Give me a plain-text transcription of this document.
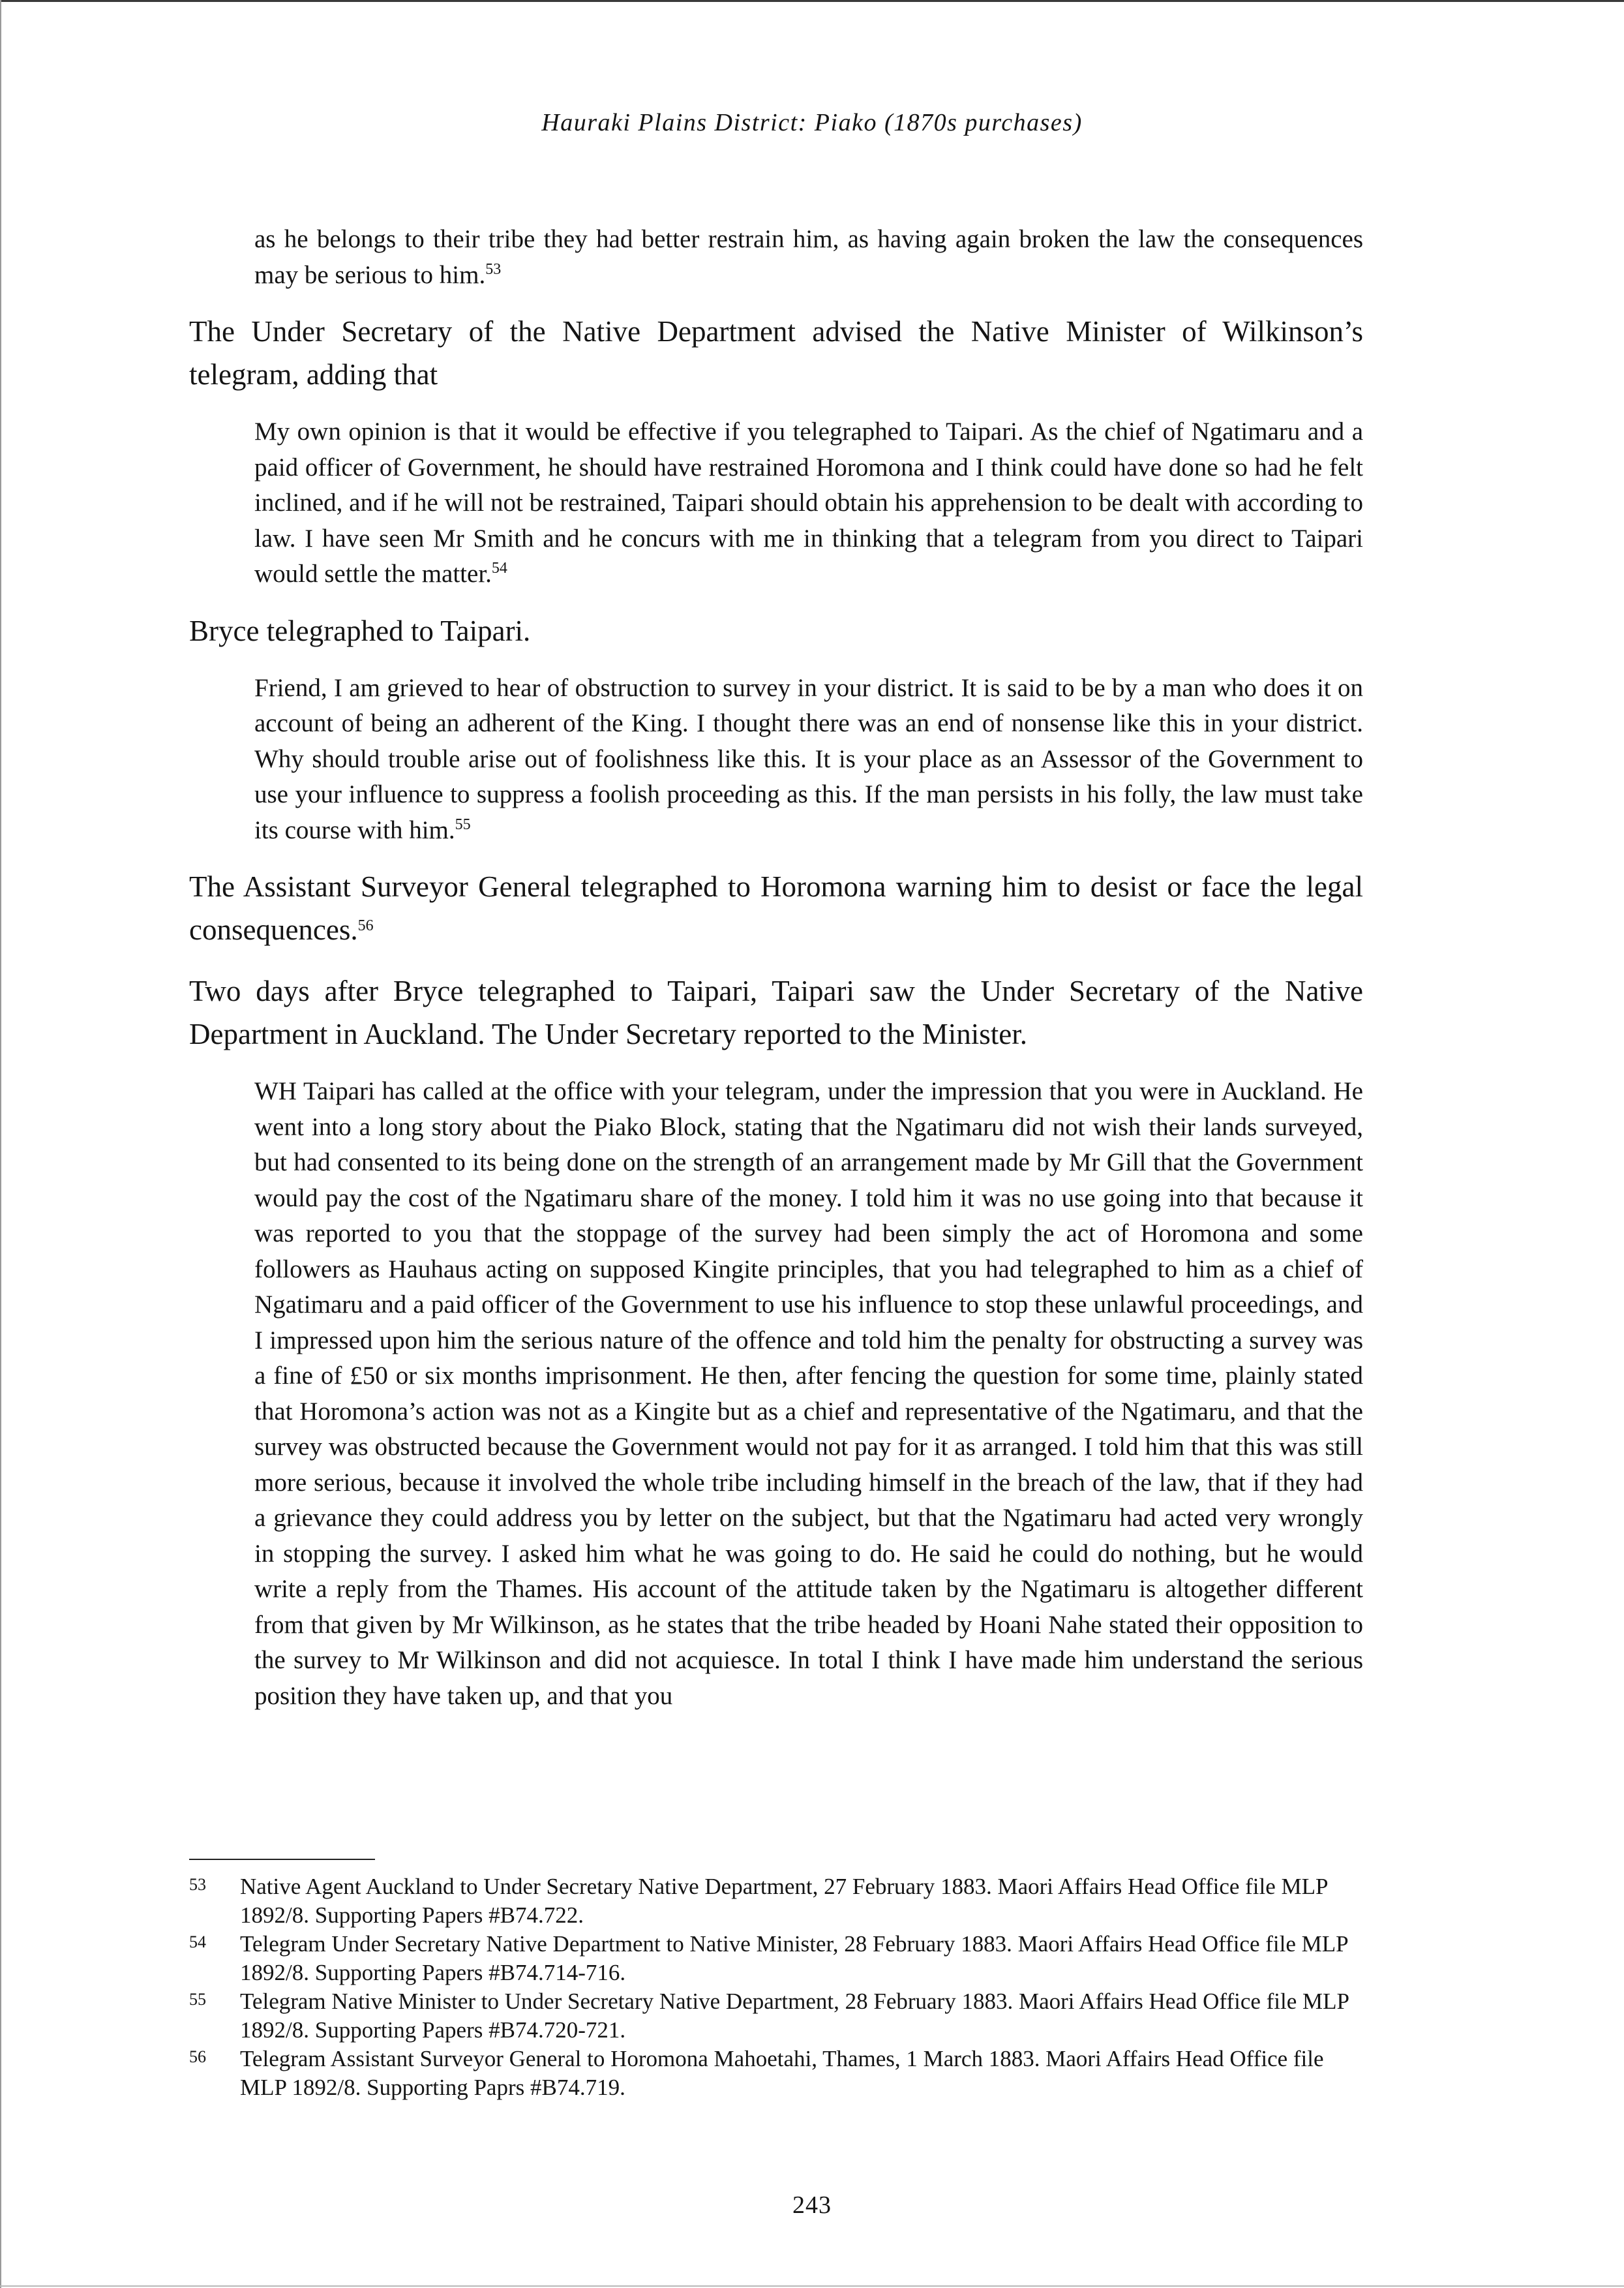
Hauraki Plains District: Piako (1870s purchases)

as he belongs to their tribe they had better restrain him, as having again broken the law the consequences may be serious to him.$^{53}$

The Under Secretary of the Native Department advised the Native Minister of Wilkinson’s telegram, adding that

My own opinion is that it would be effective if you telegraphed to Taipari. As the chief of Ngatimaru and a paid officer of Government, he should have restrained Horomona and I think could have done so had he felt inclined, and if he will not be restrained, Taipari should obtain his apprehension to be dealt with according to law. I have seen Mr Smith and he concurs with me in thinking that a telegram from you direct to Taipari would settle the matter.$^{54}$

Bryce telegraphed to Taipari.

Friend, I am grieved to hear of obstruction to survey in your district. It is said to be by a man who does it on account of being an adherent of the King. I thought there was an end of nonsense like this in your district. Why should trouble arise out of foolishness like this. It is your place as an Assessor of the Government to use your influence to suppress a foolish proceeding as this. If the man persists in his folly, the law must take its course with him.$^{55}$

The Assistant Surveyor General telegraphed to Horomona warning him to desist or face the legal consequences.$^{56}$

Two days after Bryce telegraphed to Taipari, Taipari saw the Under Secretary of the Native Department in Auckland. The Under Secretary reported to the Minister.

WH Taipari has called at the office with your telegram, under the impression that you were in Auckland. He went into a long story about the Piako Block, stating that the Ngatimaru did not wish their lands surveyed, but had consented to its being done on the strength of an arrangement made by Mr Gill that the Government would pay the cost of the Ngatimaru share of the money. I told him it was no use going into that because it was reported to you that the stoppage of the survey had been simply the act of Horomona and some followers as Hauhaus acting on supposed Kingite principles, that you had telegraphed to him as a chief of Ngatimaru and a paid officer of the Government to use his influence to stop these unlawful proceedings, and I impressed upon him the serious nature of the offence and told him the penalty for obstructing a survey was a fine of £50 or six months imprisonment. He then, after fencing the question for some time, plainly stated that Horomona’s action was not as a Kingite but as a chief and representative of the Ngatimaru, and that the survey was obstructed because the Government would not pay for it as arranged. I told him that this was still more serious, because it involved the whole tribe including himself in the breach of the law, that if they had a grievance they could address you by letter on the subject, but that the Ngatimaru had acted very wrongly in stopping the survey. I asked him what he was going to do. He said he could do nothing, but he would write a reply from the Thames. His account of the attitude taken by the Ngatimaru is altogether different from that given by Mr Wilkinson, as he states that the tribe headed by Hoani Nahe stated their opposition to the survey to Mr Wilkinson and did not acquiesce. In total I think I have made him understand the serious position they have taken up, and that you

53	Native Agent Auckland to Under Secretary Native Department, 27 February 1883. Maori Affairs Head Office file MLP 1892/8. Supporting Papers #B74.722.
54	Telegram Under Secretary Native Department to Native Minister, 28 February 1883. Maori Affairs Head Office file MLP 1892/8. Supporting Papers #B74.714-716.
55	Telegram Native Minister to Under Secretary Native Department, 28 February 1883. Maori Affairs Head Office file MLP 1892/8. Supporting Papers #B74.720-721.
56	Telegram Assistant Surveyor General to Horomona Mahoetahi, Thames, 1 March 1883. Maori Affairs Head Office file MLP 1892/8. Supporting Paprs #B74.719.
243
